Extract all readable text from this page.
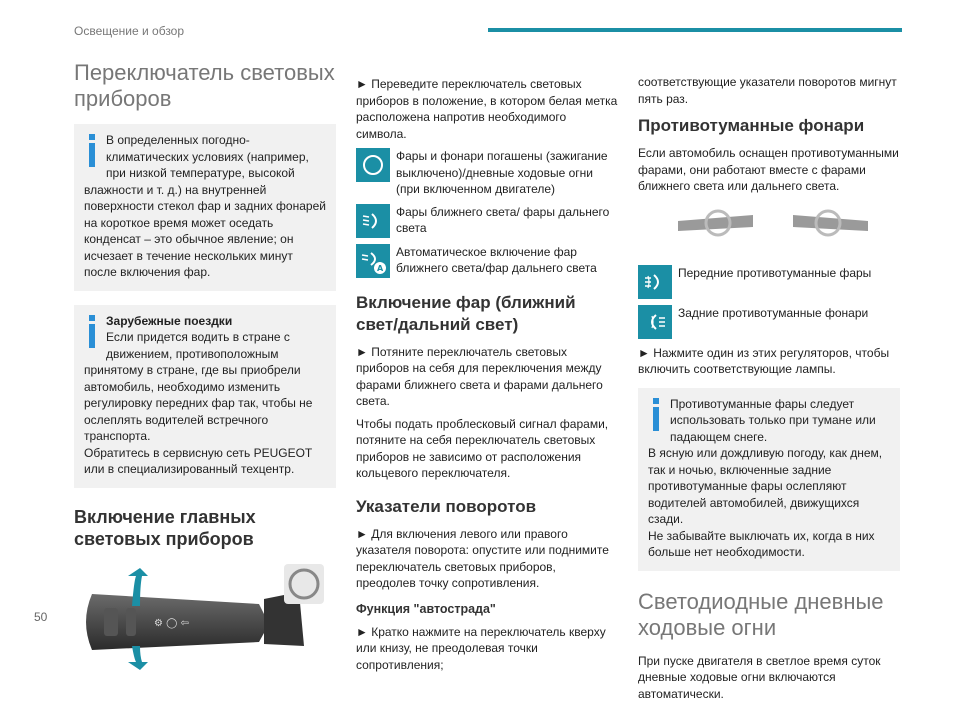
Освещение и обзор
Переключатель световых приборов

В определенных погодно-климатических условиях (например, при низкой температуре, высокой влажности и т. д.) на внутренней поверхности стекол фар и задних фонарей на короткое время может оседать конденсат – это обычное явление; он исчезает в течение нескольких минут после включения фар.

Зарубежные поездки

Если придется водить в стране с движением, противоположным принятому в стране, где вы приобрели автомобиль, необходимо изменить регулировку передних фар так, чтобы не ослеплять водителей встречного транспорта.

Обратитесь в сервисную сеть PEUGEOT или в специализированный техцентр.

Включение главных световых приборов
⚙ ◯ ⇦

► Переведите переключатель световых приборов в положение, в котором белая метка расположена напротив необходимого символа.

Фары и фонари погашены (зажигание выключено)/дневные ходовые огни (при включенном двигателе)

Фары ближнего света/ фары дальнего света

A

Автоматическое включение фар ближнего света/фар дальнего света

Включение фар (ближний свет/дальний свет)

► Потяните переключатель световых приборов на себя для переключения между фарами ближнего света и фарами дальнего света.

Чтобы подать проблесковый сигнал фарами, потяните на себя переключатель световых приборов не зависимо от расположения кольцевого переключателя.

Указатели поворотов

► Для включения левого или правого указателя поворота: опустите или поднимите переключатель световых приборов, преодолев точку сопротивления.

Функция "автострада"

► Кратко нажмите на переключатель кверху или книзу, не преодолевая точки сопротивления;

соответствующие указатели поворотов мигнут пять раз.

Противотуманные фонари

Если автомобиль оснащен противотуманными фарами, они работают вместе с фарами ближнего света или дальнего света.

Передние противотуманные фары

Задние противотуманные фонари

► Нажмите один из этих регуляторов, чтобы включить соответствующие лампы.

Противотуманные фары следует использовать только при тумане или падающем снеге.

В ясную или дождливую погоду, как днем, так и ночью, включенные задние противотуманные фары ослепляют водителей автомобилей, движущихся сзади.

Не забывайте выключать их, когда в них больше нет необходимости.

Светодиодные дневные ходовые огни

При пуске двигателя в светлое время суток дневные ходовые огни включаются автоматически.

50
